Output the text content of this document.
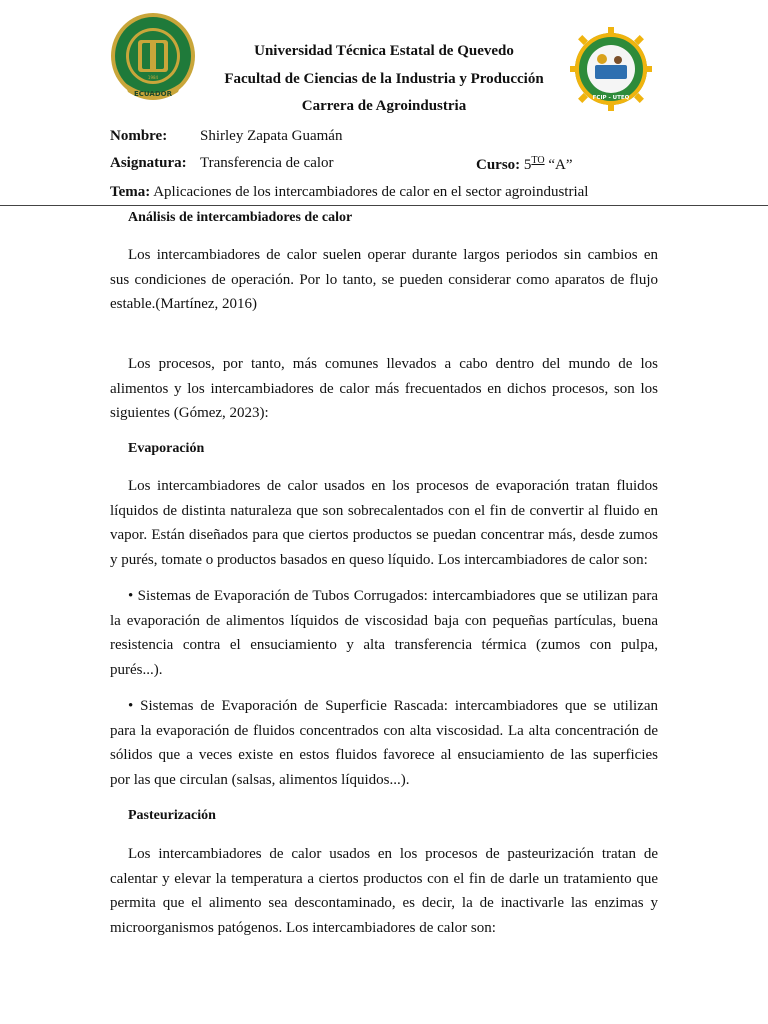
ECUADOR
1984
FCIP - UTEQ
Universidad Técnica Estatal de Quevedo
Facultad de Ciencias de la Industria y Producción
Carrera de Agroindustria
Nombre: Shirley Zapata Guamán
Asignatura: Transferencia de calor	Curso: $5^{TO}$ “A”
Tema: Aplicaciones de los intercambiadores de calor en el sector agroindustrial
Análisis de intercambiadores de calor
Los intercambiadores de calor suelen operar durante largos periodos sin cambios en
sus condiciones de operación. Por lo tanto, se pueden considerar como aparatos de flujo
estable.(Martínez, 2016)
Los procesos, por tanto, más comunes llevados a cabo dentro del mundo de los
alimentos y los intercambiadores de calor más frecuentados en dichos procesos, son los
siguientes (Gómez, 2023):
Evaporación
Los intercambiadores de calor usados en los procesos de evaporación tratan fluidos
líquidos de distinta naturaleza que son sobrecalentados con el fin de convertir al fluido en
vapor. Están diseñados para que ciertos productos se puedan concentrar más, desde zumos
y purés, tomate o productos basados en queso líquido. Los intercambiadores de calor son:
• Sistemas de Evaporación de Tubos Corrugados: intercambiadores que se utilizan para
la evaporación de alimentos líquidos de viscosidad baja con pequeñas partículas, buena
resistencia contra el ensuciamiento y alta transferencia térmica (zumos con pulpa,
purés...).
• Sistemas de Evaporación de Superficie Rascada: intercambiadores que se utilizan
para la evaporación de fluidos concentrados con alta viscosidad. La alta concentración de
sólidos que a veces existe en estos fluidos favorece al ensuciamiento de las superficies
por las que circulan (salsas, alimentos líquidos...).
Pasteurización
Los intercambiadores de calor usados en los procesos de pasteurización tratan de
calentar y elevar la temperatura a ciertos productos con el fin de darle un tratamiento que
permita que el alimento sea descontaminado, es decir, la de inactivarle las enzimas y
microorganismos patógenos. Los intercambiadores de calor son:
